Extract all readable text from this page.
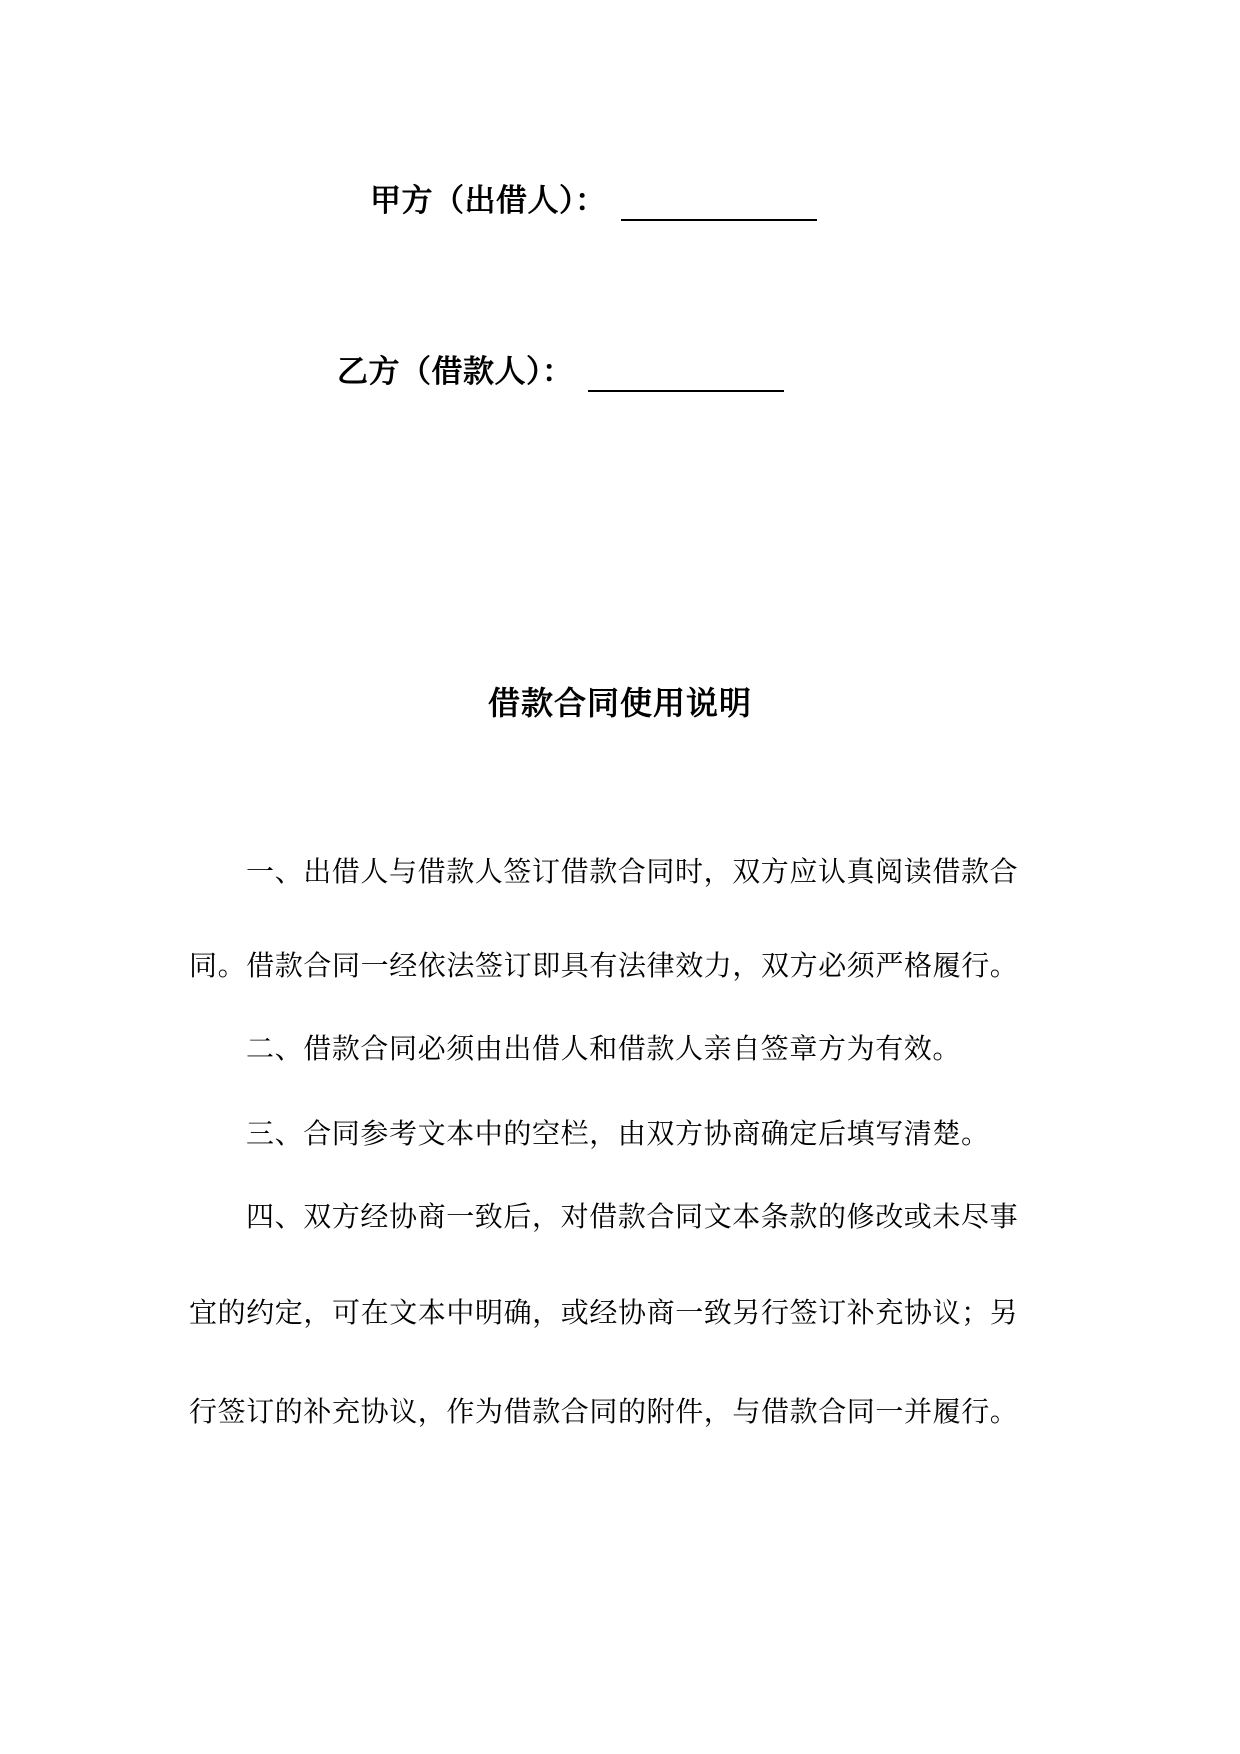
甲方（出借人）：
乙方（借款人）：
借款合同使用说明
一、出借人与借款人签订借款合同时，双方应认真阅读借款合
同。借款合同一经依法签订即具有法律效力，双方必须严格履行。
二、借款合同必须由出借人和借款人亲自签章方为有效。
三、合同参考文本中的空栏，由双方协商确定后填写清楚。
四、双方经协商一致后，对借款合同文本条款的修改或未尽事
宜的约定，可在文本中明确，或经协商一致另行签订补充协议；另
行签订的补充协议，作为借款合同的附件，与借款合同一并履行。
